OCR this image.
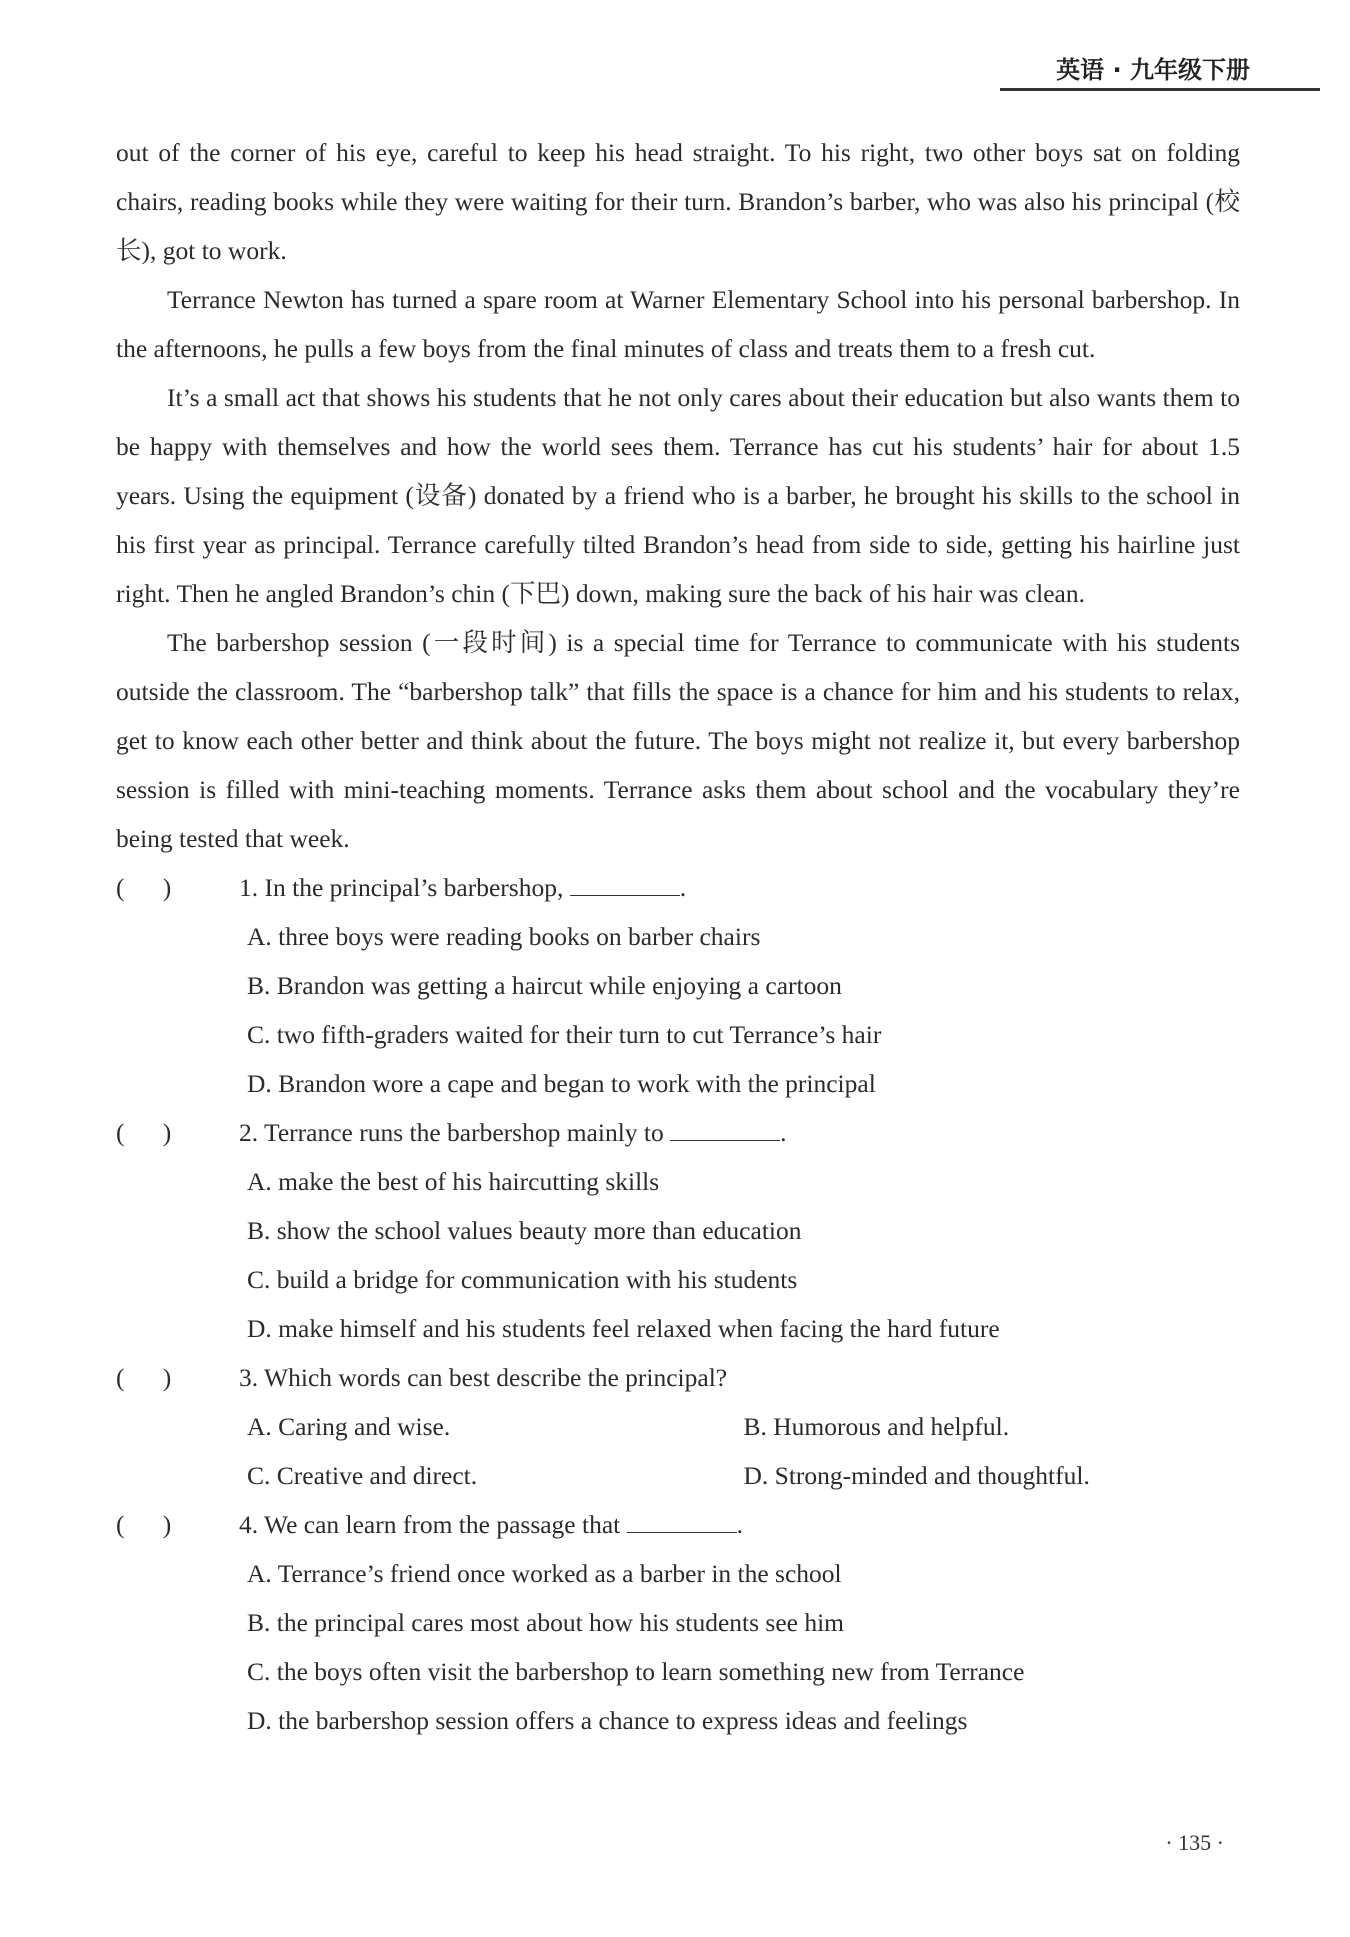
英语 · 九年级下册

out of the corner of his eye, careful to keep his head straight. To his right, two other boys sat on folding chairs, reading books while they were waiting for their turn. Brandon’s barber, who was also his principal (校长), got to work.

Terrance Newton has turned a spare room at Warner Elementary School into his personal barbershop. In the afternoons, he pulls a few boys from the final minutes of class and treats them to a fresh cut.

It’s a small act that shows his students that he not only cares about their education but also wants them to be happy with themselves and how the world sees them. Terrance has cut his students’ hair for about 1.5 years. Using the equipment (设备) donated by a friend who is a barber, he brought his skills to the school in his first year as principal. Terrance carefully tilted Brandon’s head from side to side, getting his hairline just right. Then he angled Brandon’s chin (下巴) down, making sure the back of his hair was clean.

The barbershop session (一段时间) is a special time for Terrance to communicate with his students outside the classroom. The “barbershop talk” that fills the space is a chance for him and his students to relax, get to know each other better and think about the future. The boys might not realize it, but every barbershop session is filled with mini-teaching moments. Terrance asks them about school and the vocabulary they’re being tested that week.

(      )	1. In the principal’s barbershop,	.

A. three boys were reading books on barber chairs

B. Brandon was getting a haircut while enjoying a cartoon

C. two fifth-graders waited for their turn to cut Terrance’s hair

D. Brandon wore a cape and began to work with the principal

(      )	2. Terrance runs the barbershop mainly to	.

A. make the best of his haircutting skills

B. show the school values beauty more than education

C. build a bridge for communication with his students

D. make himself and his students feel relaxed when facing the hard future

(      )	3. Which words can best describe the principal?
A. Caring and wise.	B. Humorous and helpful.
C. Creative and direct.	D. Strong-minded and thoughtful.
(      )	4. We can learn from the passage that	.

A. Terrance’s friend once worked as a barber in the school

B. the principal cares most about how his students see him

C. the boys often visit the barbershop to learn something new from Terrance

D. the barbershop session offers a chance to express ideas and feelings

· 135 ·
